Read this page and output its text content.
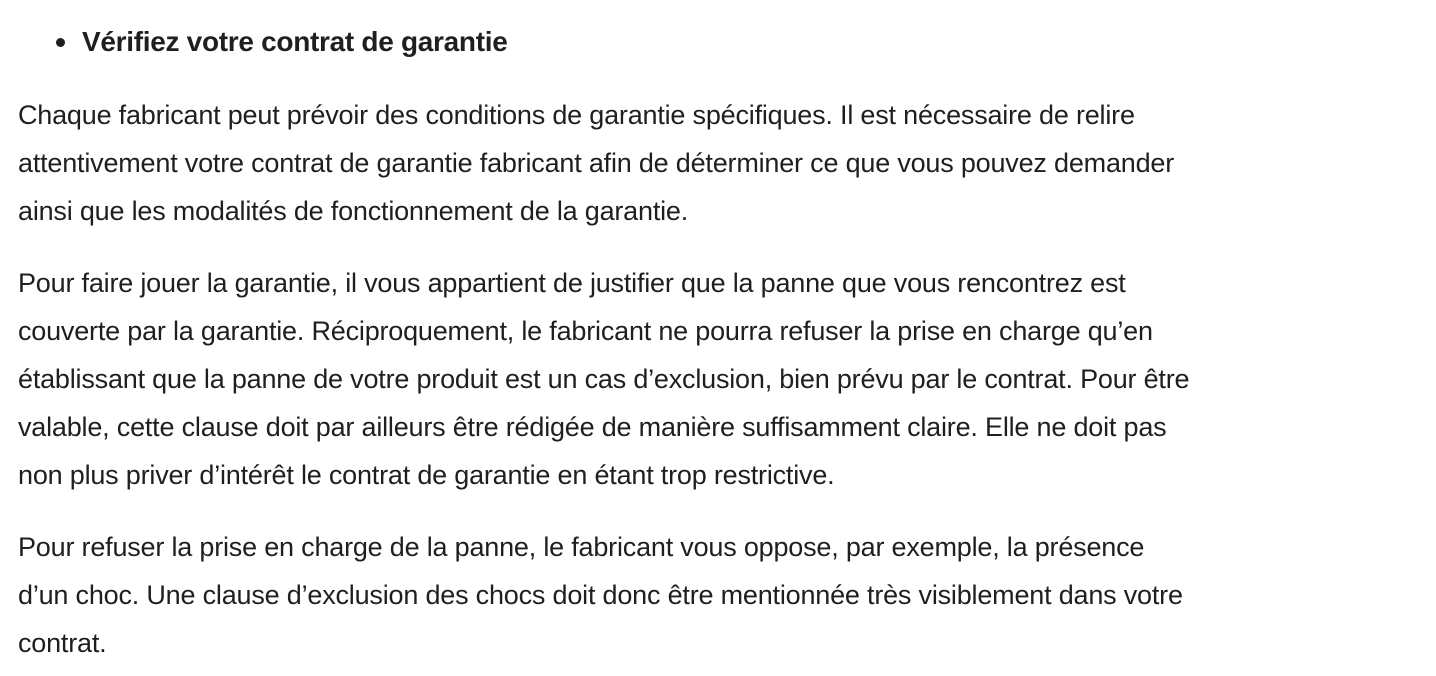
Vérifiez votre contrat de garantie

Chaque fabricant peut prévoir des conditions de garantie spécifiques. Il est nécessaire de relire
attentivement votre contrat de garantie fabricant afin de déterminer ce que vous pouvez demander
ainsi que les modalités de fonctionnement de la garantie.

Pour faire jouer la garantie, il vous appartient de justifier que la panne que vous rencontrez est
couverte par la garantie. Réciproquement, le fabricant ne pourra refuser la prise en charge qu’en
établissant que la panne de votre produit est un cas d’exclusion, bien prévu par le contrat. Pour être
valable, cette clause doit par ailleurs être rédigée de manière suffisamment claire. Elle ne doit pas
non plus priver d’intérêt le contrat de garantie en étant trop restrictive.

Pour refuser la prise en charge de la panne, le fabricant vous oppose, par exemple, la présence
d’un choc. Une clause d’exclusion des chocs doit donc être mentionnée très visiblement dans votre
contrat.
